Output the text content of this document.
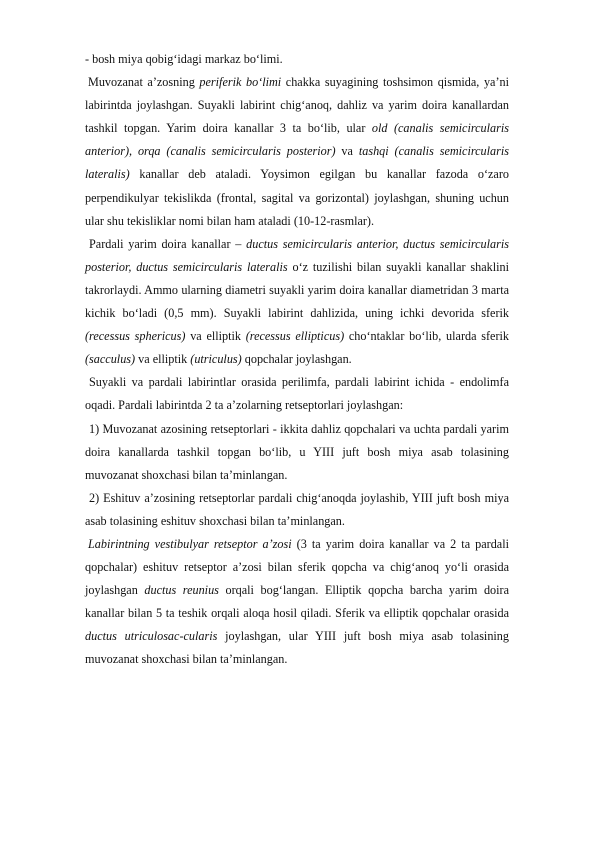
- bosh miya qobig‘idagi markaz bo‘limi.

Muvozanat a’zosning periferik bo‘limi chakka suyagining toshsimon qismida, ya’ni labirintda joylashgan. Suyakli labirint chig‘anoq, dahliz va yarim doira kanallardan tashkil topgan. Yarim doira kanallar 3 ta bo‘lib, ular old (canalis semicircularis anterior), orqa (canalis semicircularis posterior) va tashqi (canalis semicircularis lateralis) kanallar deb ataladi. Yoysimon egilgan bu kanallar fazoda o‘zaro perpendikulyar tekislikda (frontal, sagital va gorizontal) joylashgan, shuning uchun ular shu tekisliklar nomi bilan ham ataladi (10-12-rasmlar).

Pardali yarim doira kanallar – ductus semicircularis anterior, ductus semicircularis posterior, ductus semicircularis lateralis o‘z tuzilishi bilan suyakli kanallar shaklini takrorlaydi. Ammo ularning diametri suyakli yarim doira kanallar diametridan 3 marta kichik bo‘ladi (0,5 mm). Suyakli labirint dahlizida, uning ichki devorida sferik (recessus sphericus) va elliptik (recessus ellipticus) cho‘ntaklar bo‘lib, ularda sferik (sacculus) va elliptik (utriculus) qopchalar joylashgan.

Suyakli va pardali labirintlar orasida perilimfa, pardali labirint ichida - endolimfa oqadi. Pardali labirintda 2 ta a’zolarning retseptorlari joylashgan:

1) Muvozanat azosining retseptorlari - ikkita dahliz qopchalari va uchta pardali yarim doira kanallarda tashkil topgan bo‘lib, u YIII juft bosh miya asab tolasining muvozanat shoxchasi bilan ta’minlangan.

2) Eshituv a’zosining retseptorlar pardali chig‘anoqda joylashib, YIII juft bosh miya asab tolasining eshituv shoxchasi bilan ta’minlangan.

Labirintning vestibulyar retseptor a’zosi (3 ta yarim doira kanallar va 2 ta pardali qopchalar) eshituv retseptor a’zosi bilan sferik qopcha va chig‘anoq yo‘li orasida joylashgan ductus reunius orqali bog‘langan. Elliptik qopcha barcha yarim doira kanallar bilan 5 ta teshik orqali aloqa hosil qiladi. Sferik va elliptik qopchalar orasida ductus utriculosac-cularis joylashgan, ular YIII juft bosh miya asab tolasining muvozanat shoxchasi bilan ta’minlangan.
